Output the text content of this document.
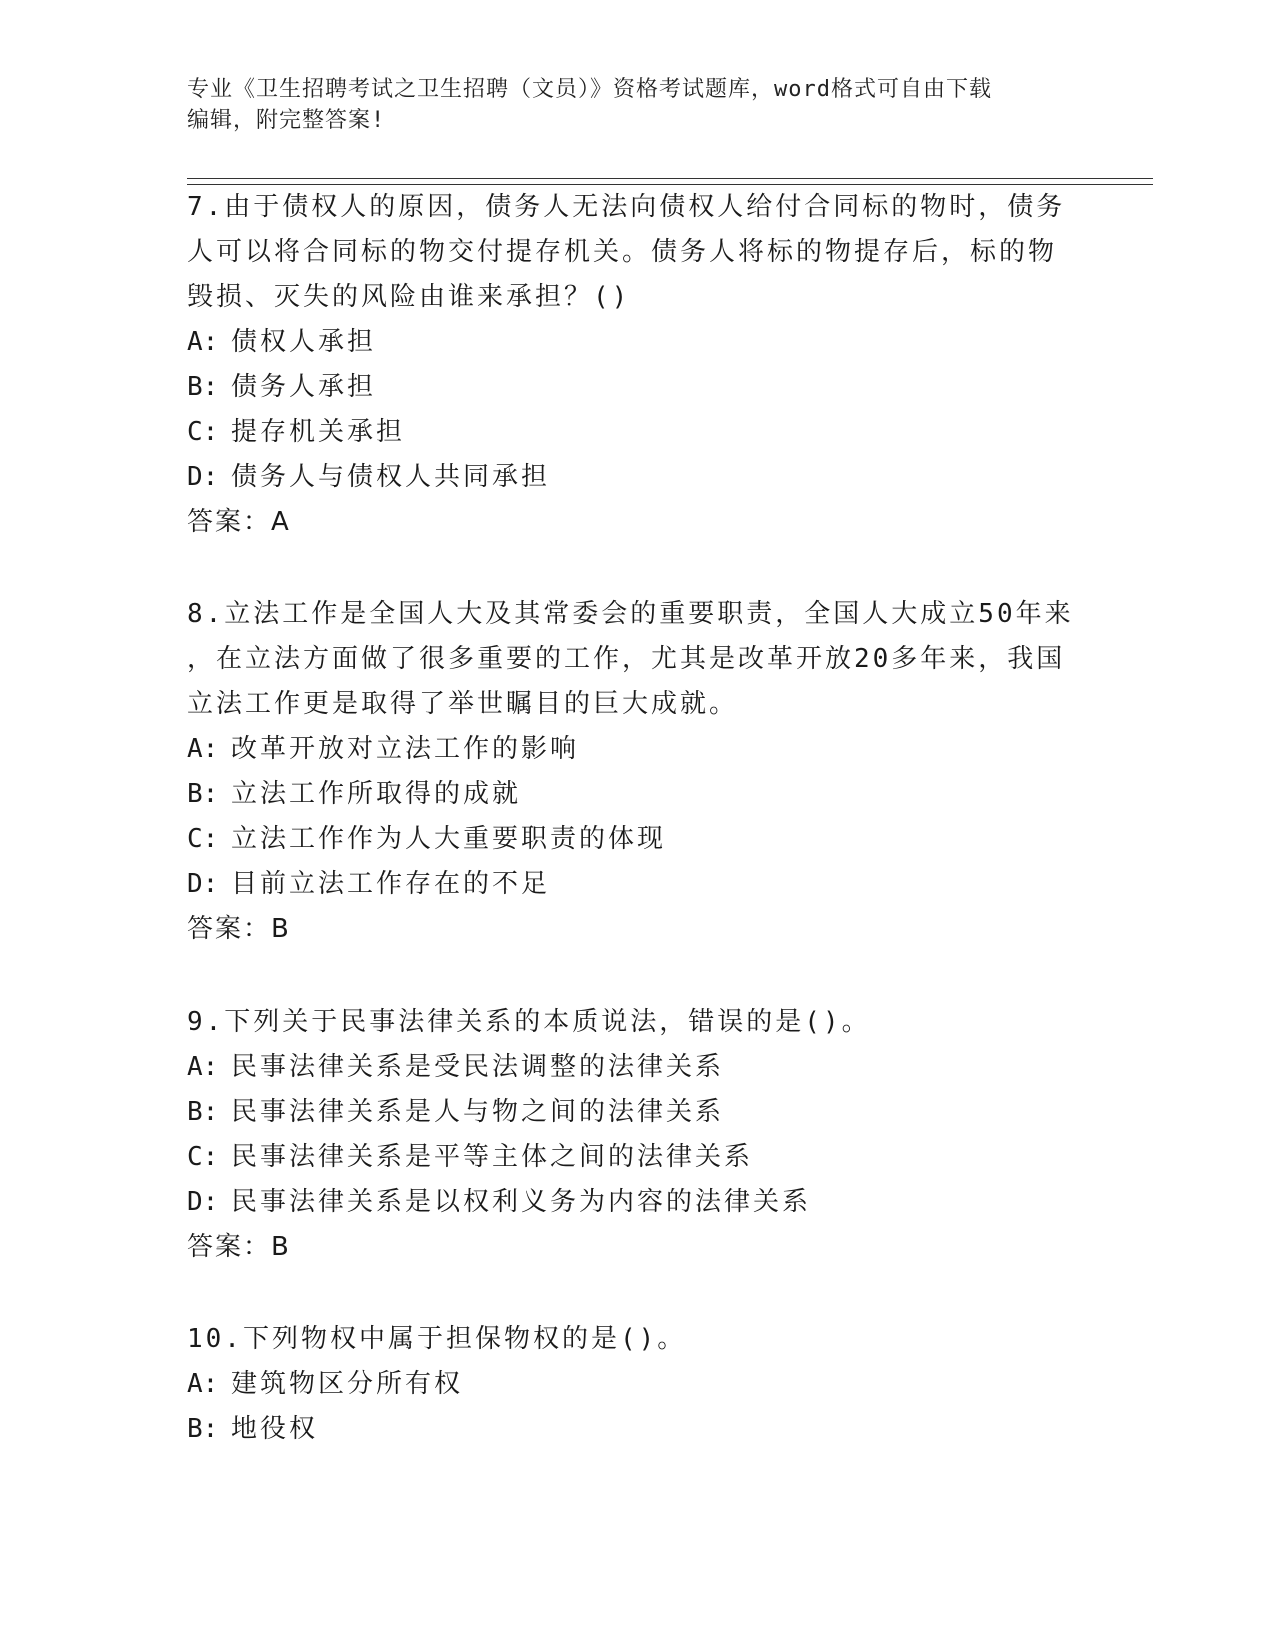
专业《卫生招聘考试之卫生招聘（文员）》资格考试题库，word格式可自由下载
编辑，附完整答案!
7.由于债权人的原因，债务人无法向债权人给付合同标的物时，债务
人可以将合同标的物交付提存机关。债务人将标的物提存后，标的物
毁损、灭失的风险由谁来承担？()
A: 债权人承担
B: 债务人承担
C: 提存机关承担
D: 债务人与债权人共同承担
答案：A
8.立法工作是全国人大及其常委会的重要职责，全国人大成立50年来
，在立法方面做了很多重要的工作，尤其是改革开放20多年来，我国
立法工作更是取得了举世瞩目的巨大成就。
A: 改革开放对立法工作的影响
B: 立法工作所取得的成就
C: 立法工作作为人大重要职责的体现
D: 目前立法工作存在的不足
答案：B
9.下列关于民事法律关系的本质说法，错误的是()。
A: 民事法律关系是受民法调整的法律关系
B: 民事法律关系是人与物之间的法律关系
C: 民事法律关系是平等主体之间的法律关系
D: 民事法律关系是以权利义务为内容的法律关系
答案：B
10.下列物权中属于担保物权的是()。
A: 建筑物区分所有权
B: 地役权
